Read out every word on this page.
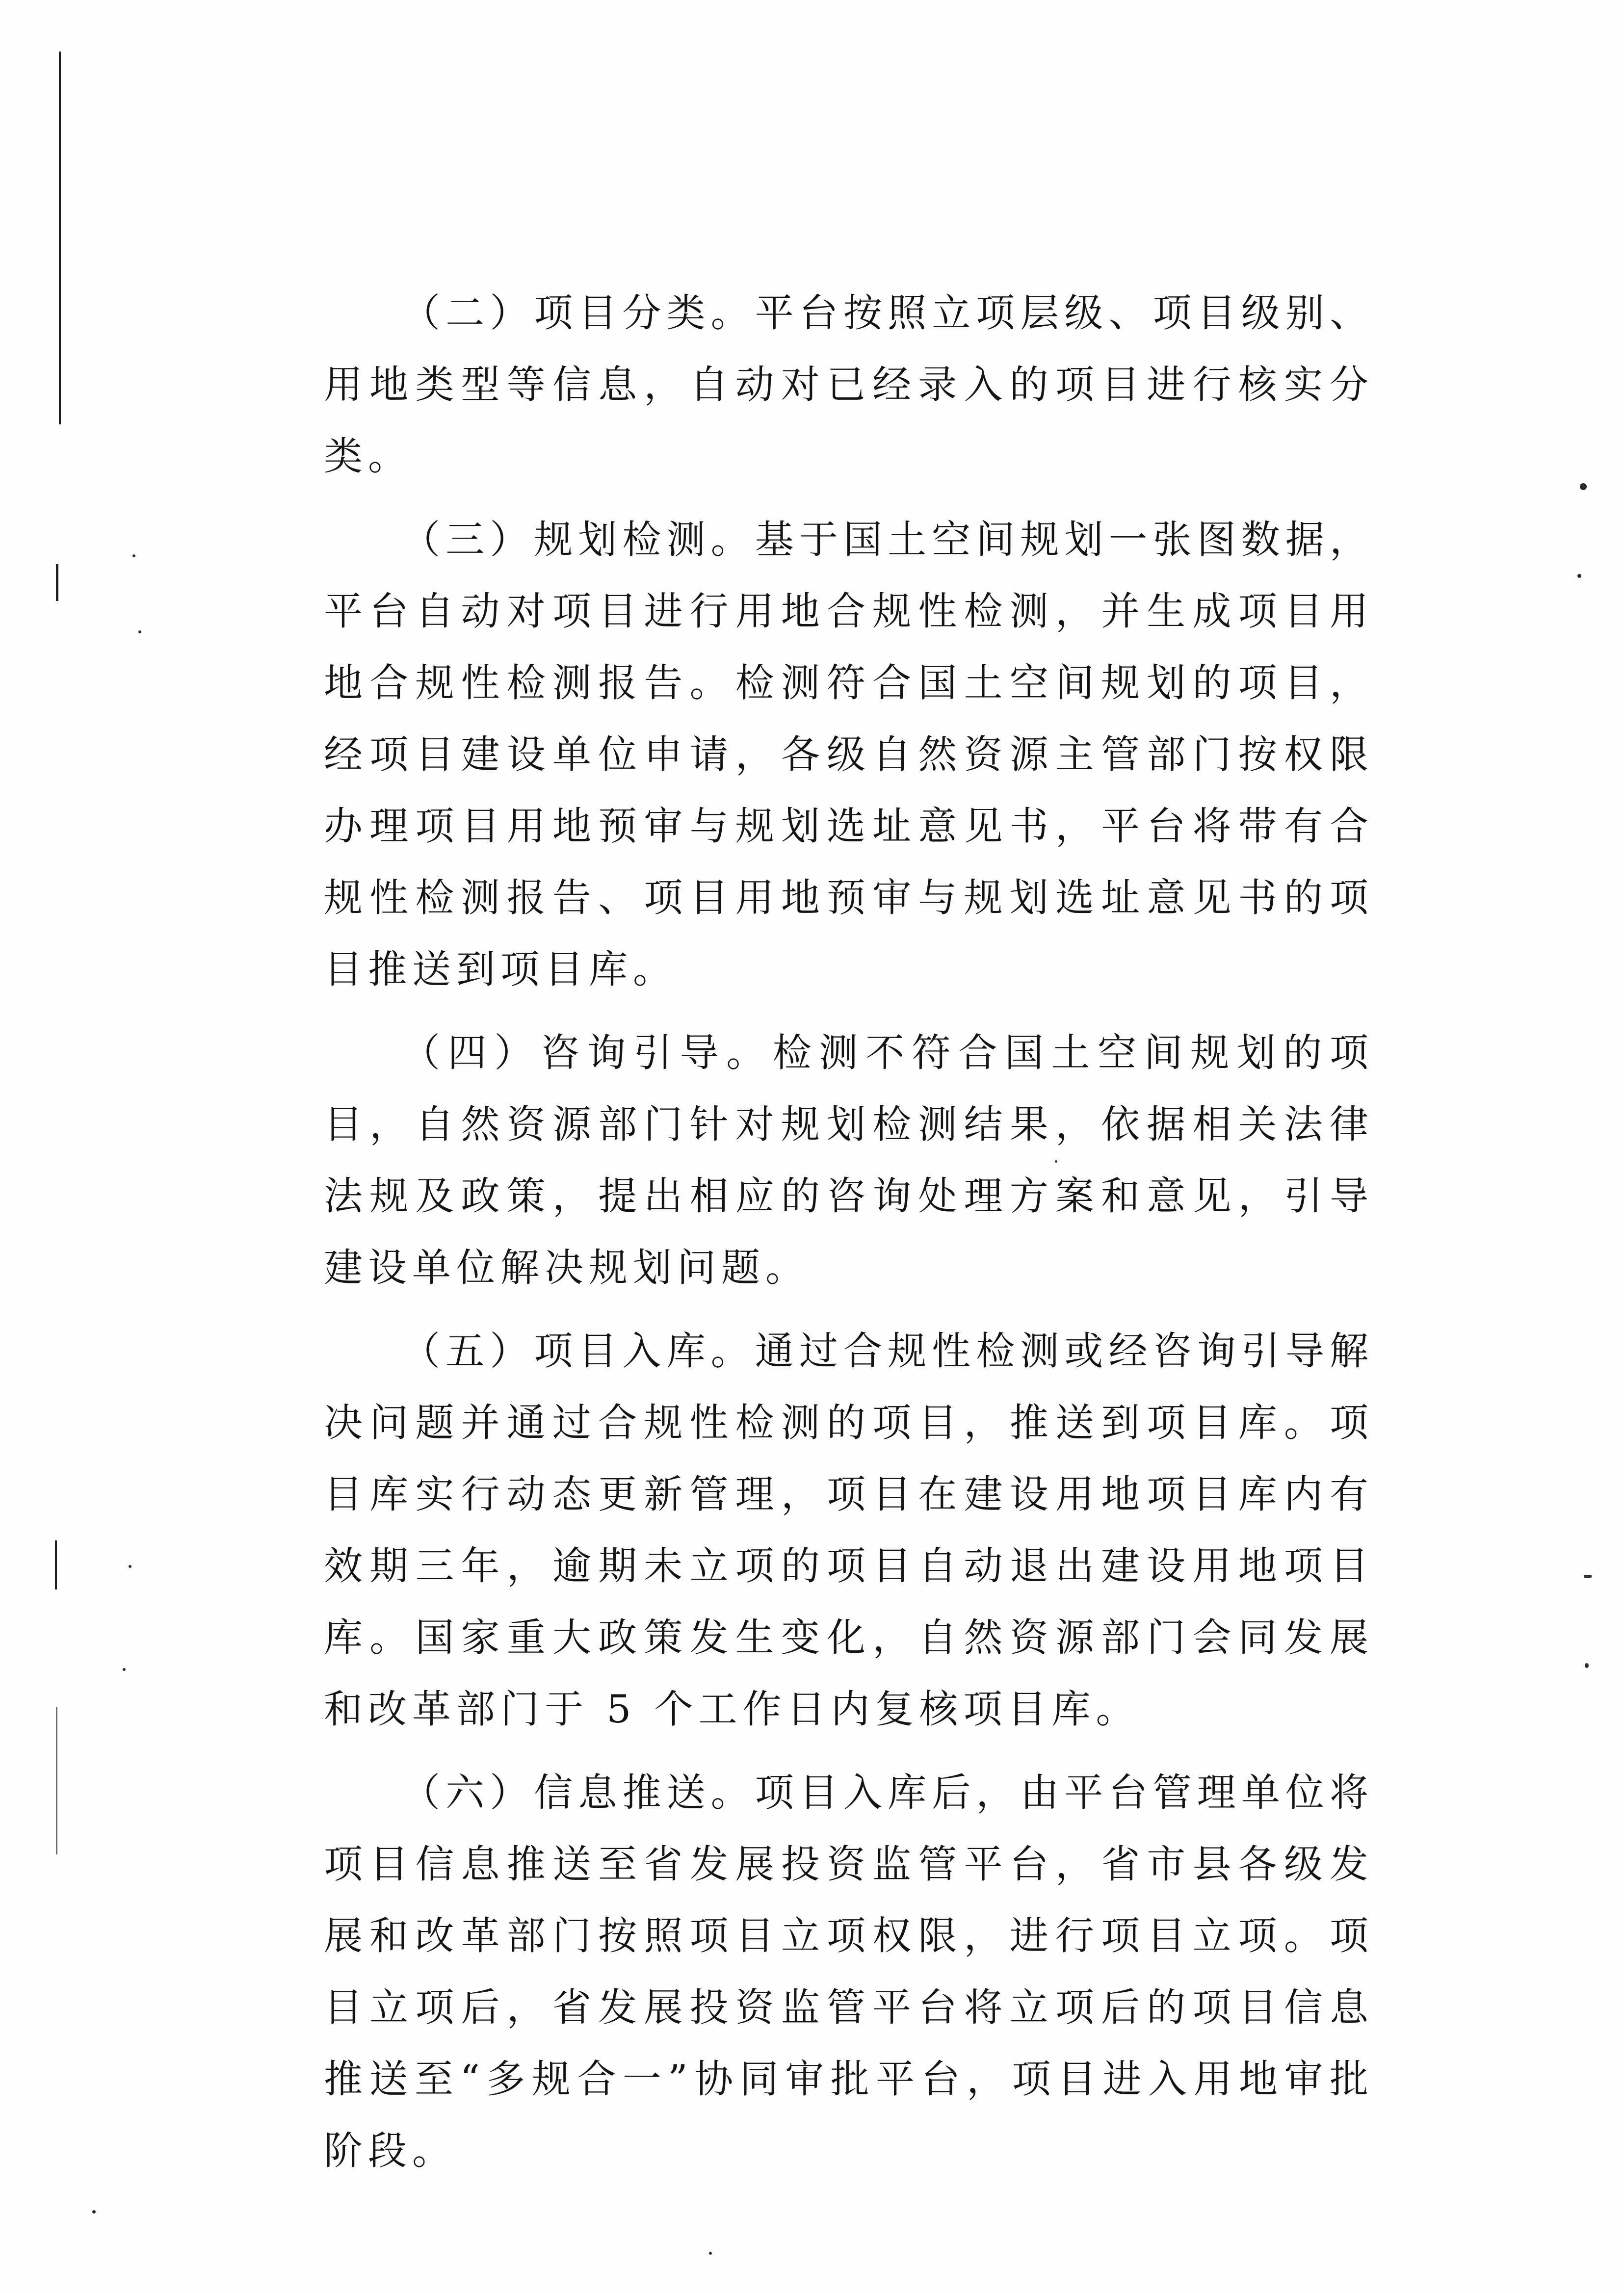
（二）项目分类。平台按照立项层级、项目级别、用地类型等信息，自动对已经录入的项目进行核实分类。

（三）规划检测。基于国土空间规划一张图数据，平台自动对项目进行用地合规性检测，并生成项目用地合规性检测报告。检测符合国土空间规划的项目，经项目建设单位申请，各级自然资源主管部门按权限办理项目用地预审与规划选址意见书，平台将带有合规性检测报告、项目用地预审与规划选址意见书的项目推送到项目库。

（四）咨询引导。检测不符合国土空间规划的项目，自然资源部门针对规划检测结果，依据相关法律法规及政策，提出相应的咨询处理方案和意见，引导建设单位解决规划问题。

（五）项目入库。通过合规性检测或经咨询引导解决问题并通过合规性检测的项目，推送到项目库。项目库实行动态更新管理，项目在建设用地项目库内有效期三年，逾期未立项的项目自动退出建设用地项目库。国家重大政策发生变化，自然资源部门会同发展和改革部门于 5 个工作日内复核项目库。

（六）信息推送。项目入库后，由平台管理单位将项目信息推送至省发展投资监管平台，省市县各级发展和改革部门按照项目立项权限，进行项目立项。项目立项后，省发展投资监管平台将立项后的项目信息推送至“多规合一”协同审批平台，项目进入用地审批阶段。
